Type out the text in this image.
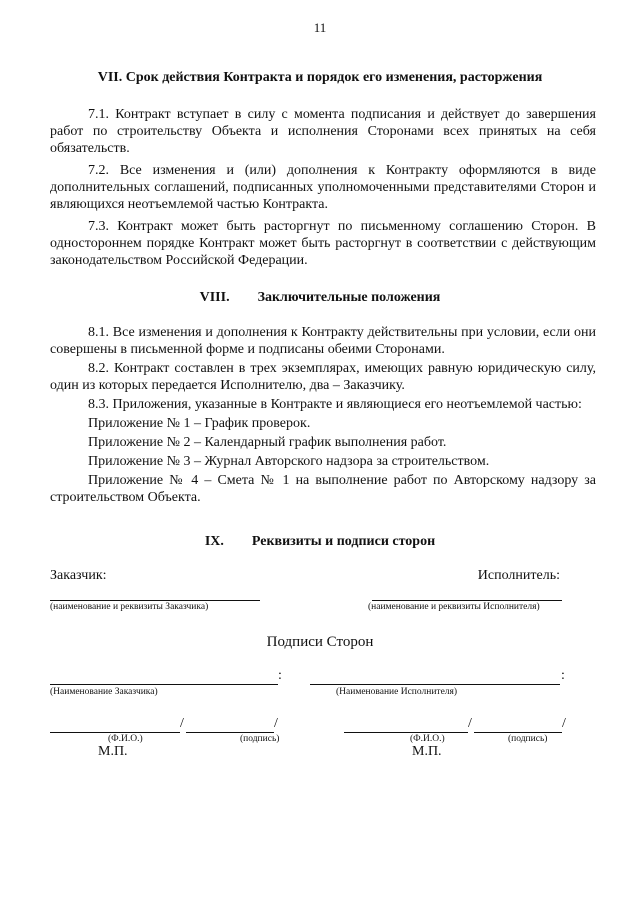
11
VII. Срок действия Контракта и порядок его изменения, расторжения

7.1. Контракт вступает в силу с момента подписания и действует до завершения работ по строительству Объекта и исполнения Сторонами всех принятых на себя обязательств.

7.2. Все изменения и (или) дополнения к Контракту оформляются в виде дополнительных соглашений, подписанных уполномоченными представителями Сторон и являющихся неотъемлемой частью Контракта.

7.3. Контракт может быть расторгнут по письменному соглашению Сторон. В одностороннем порядке Контракт может быть расторгнут в соответствии с действующим законодательством Российской Федерации.

VIII. Заключительные положения

8.1. Все изменения и дополнения к Контракту действительны при условии, если они совершены в письменной форме и подписаны обеими Сторонами.

8.2. Контракт составлен в трех экземплярах, имеющих равную юридическую силу, один из которых передается Исполнителю, два – Заказчику.

8.3. Приложения, указанные в Контракте и являющиеся его неотъемлемой частью:

Приложение № 1 – График проверок.

Приложение № 2 – Календарный график выполнения работ.

Приложение № 3 – Журнал Авторского надзора за строительством.

Приложение № 4 – Смета № 1 на выполнение работ по Авторскому надзору за строительством Объекта.

IX. Реквизиты и подписи сторон
Заказчик:	Исполнитель:
(наименование и реквизиты Заказчика)	(наименование и реквизиты Исполнителя)
Подписи Сторон
:	:
(Наименование Заказчика)	(Наименование Исполнителя)
/	/
(Ф.И.О.)	(подпись)
М.П.
/	/
(Ф.И.О.)	(подпись)
М.П.
